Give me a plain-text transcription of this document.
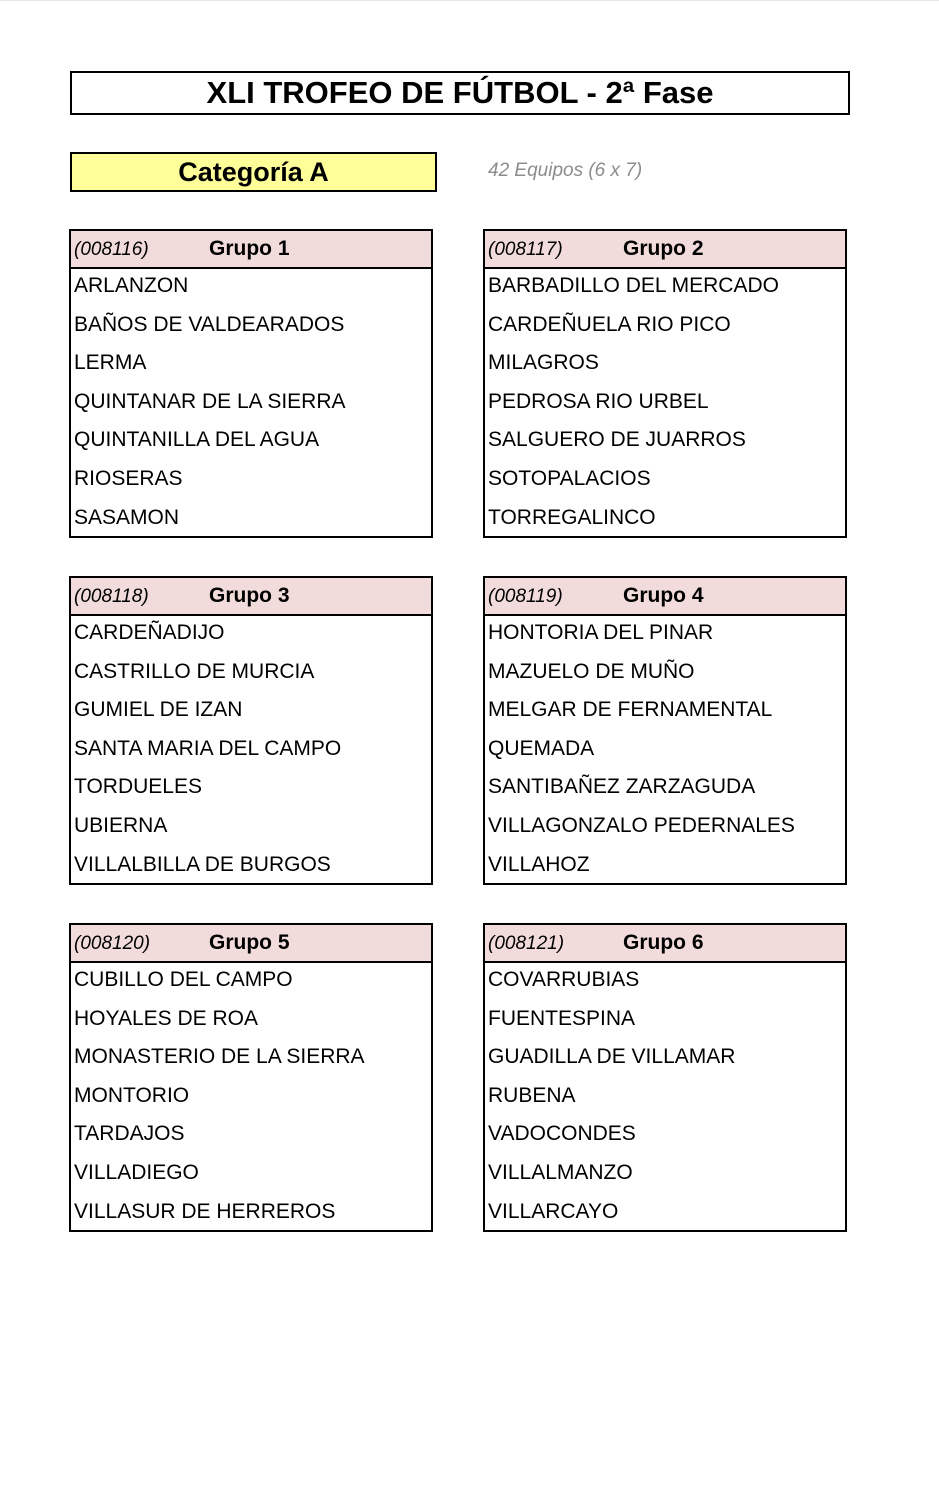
XLI TROFEO DE FÚTBOL - 2ª Fase
Categoría A	42 Equipos (6 x 7)
(008116)	Grupo 1
ARLANZON
BAÑOS DE VALDEARADOS
LERMA
QUINTANAR DE LA SIERRA
QUINTANILLA DEL AGUA
RIOSERAS
SASAMON
(008117)	Grupo 2
BARBADILLO DEL MERCADO
CARDEÑUELA RIO PICO
MILAGROS
PEDROSA RIO URBEL
SALGUERO DE JUARROS
SOTOPALACIOS
TORREGALINCO
(008118)	Grupo 3
CARDEÑADIJO
CASTRILLO DE MURCIA
GUMIEL DE IZAN
SANTA MARIA DEL CAMPO
TORDUELES
UBIERNA
VILLALBILLA DE BURGOS
(008119)	Grupo 4
HONTORIA DEL PINAR
MAZUELO DE MUÑO
MELGAR DE FERNAMENTAL
QUEMADA
SANTIBAÑEZ ZARZAGUDA
VILLAGONZALO PEDERNALES
VILLAHOZ
(008120)	Grupo 5
CUBILLO DEL CAMPO
HOYALES DE ROA
MONASTERIO DE LA SIERRA
MONTORIO
TARDAJOS
VILLADIEGO
VILLASUR DE HERREROS
(008121)	Grupo 6
COVARRUBIAS
FUENTESPINA
GUADILLA DE VILLAMAR
RUBENA
VADOCONDES
VILLALMANZO
VILLARCAYO
